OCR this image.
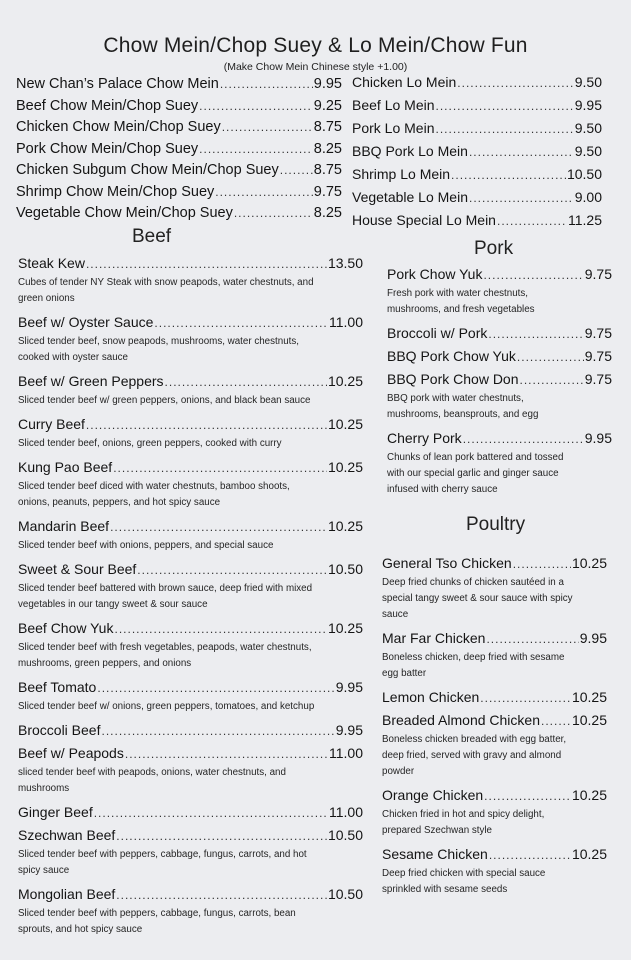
Chow Mein/Chop Suey & Lo Mein/Chow Fun
(Make Chow Mein Chinese style +1.00)
New Chan’s Palace Chow Mein .....	9.95
Beef Chow Mein/Chop Suey .....	9.25
Chicken Chow Mein/Chop Suey .....	8.75
Pork Chow Mein/Chop Suey .....	8.25
Chicken Subgum Chow Mein/Chop Suey ..... 8.75
Shrimp Chow Mein/Chop Suey .....	9.75
Vegetable Chow Mein/Chop Suey .....	8.25
Chicken Lo Mein .....	9.50
Beef Lo Mein .....	9.95
Pork Lo Mein .....	9.50
BBQ Pork Lo Mein .....	9.50
Shrimp Lo Mein .....	10.50
Vegetable Lo Mein .....	9.00
House Special Lo Mein .....	11.25
Beef
Steak Kew .....	13.50
Cubes of tender NY Steak with snow peapods, water chestnuts, and
green onions
Beef w/ Oyster Sauce .....	11.00
Sliced tender beef, snow peapods, mushrooms, water chestnuts,
cooked with oyster sauce
Beef w/ Green Peppers .....	10.25
Sliced tender beef w/ green peppers, onions, and black bean sauce
Curry Beef .....	10.25
Sliced tender beef, onions, green peppers, cooked with curry
Kung Pao Beef .....	10.25
Sliced tender beef diced with water chestnuts, bamboo shoots,
onions, peanuts, peppers, and hot spicy sauce
Mandarin Beef .....	10.25
Sliced tender beef with onions, peppers, and special sauce
Sweet & Sour Beef .....	10.50
Sliced tender beef battered with brown sauce, deep fried with mixed
vegetables in our tangy sweet & sour sauce
Beef Chow Yuk .....	10.25
Sliced tender beef with fresh vegetables, peapods, water chestnuts,
mushrooms, green peppers, and onions
Beef Tomato .....	9.95
Sliced tender beef w/ onions, green peppers, tomatoes, and ketchup
Broccoli Beef .....	9.95
Beef w/ Peapods .....	11.00
sliced tender beef with peapods, onions, water chestnuts, and
mushrooms
Ginger Beef .....	11.00
Szechwan Beef .....	10.50
Sliced tender beef with peppers, cabbage, fungus, carrots, and hot
spicy sauce
Mongolian Beef .....	10.50
Sliced tender beef with peppers, cabbage, fungus, carrots, bean
sprouts, and hot spicy sauce
Pork
Pork Chow Yuk .....	9.75
Fresh pork with water chestnuts,
mushrooms, and fresh vegetables
Broccoli w/ Pork .....	9.75
BBQ Pork Chow Yuk .....	9.75
BBQ Pork Chow Don .....	9.75
BBQ pork with water chestnuts,
mushrooms, beansprouts, and egg
Cherry Pork .....	9.95
Chunks of lean pork battered and tossed
with our special garlic and ginger sauce
infused with cherry sauce
Poultry
General Tso Chicken .....	10.25
Deep fried chunks of chicken sautéed in a
special tangy sweet & sour sauce with spicy
sauce
Mar Far Chicken .....	9.95
Boneless chicken, deep fried with sesame
egg batter
Lemon Chicken .....	10.25
Breaded Almond Chicken ..... 10.25
Boneless chicken breaded with egg batter,
deep fried, served with gravy and almond
powder
Orange Chicken .....	10.25
Chicken fried in hot and spicy delight,
prepared Szechwan style
Sesame Chicken .....	10.25
Deep fried chicken with special sauce
sprinkled with sesame seeds
